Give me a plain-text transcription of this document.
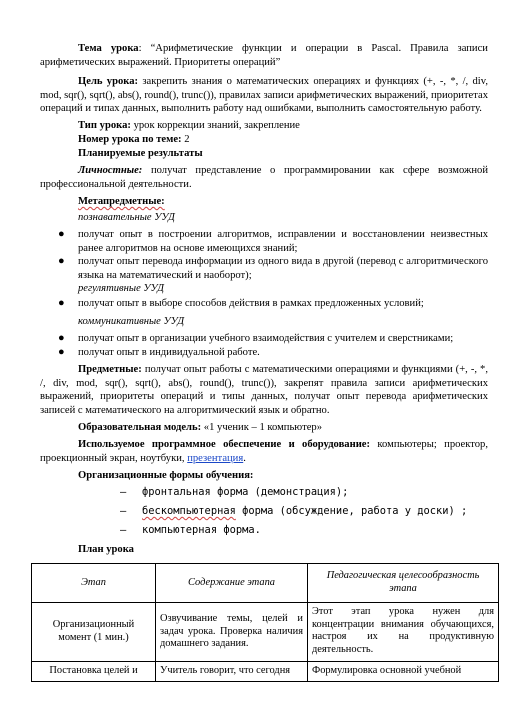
Тема урока: “Арифметические функции и операции в Pascal. Правила записи арифметических выражений. Приоритеты операций”
Цель урока: закрепить знания о математических операциях и функциях (+, -, *, /, div, mod, sqr(), sqrt(), abs(), round(), trunc()), правилах записи арифметических выражений, приоритетах операций и типах данных, выполнить работу над ошибками, выполнить самостоятельную работу.
Тип урока: урок коррекции знаний, закрепление
Номер урока по теме: 2
Планируемые результаты
Личностные: получат представление о программировании как сфере возможной профессиональной деятельности.
Метапредметные:
познавательные УУД
●	получат опыт в построении алгоритмов, исправлении и восстановлении неизвестных ранее алгоритмов на основе имеющихся знаний;
●	получат опыт перевода информации из одного вида в другой (перевод с алгоритмического языка на математический и наоборот);
регулятивные УУД
●	получат опыт в выборе способов действия в рамках предложенных условий;
коммуникативные УУД
●	получат опыт в организации учебного взаимодействия с учителем и сверстниками;
●	получат опыт в индивидуальной работе.
Предметные: получат опыт работы с математическими операциями и функциями (+, -, *, /, div, mod, sqr(), sqrt(), abs(), round(), trunc()), закрепят правила записи арифметических выражений, приоритеты операций и типы данных, получат опыт перевода арифметических записей с математического на алгоритмический язык и обратно.
Образовательная модель: «1 ученик – 1 компьютер»
Используемое программное обеспечение и оборудование: компьютеры; проектор, проекционный экран, ноутбуки, презентация.
Организационные формы обучения:
– фронтальная форма (демонстрация);
– бескомпьютерная форма (обсуждение, работа у доски) ;
– компьютерная форма.
План урока
Этап	Содержание этапа	Педагогическая целесообразность этапа
Организационный момент (1 мин.)	Озвучивание темы, целей и задач урока. Проверка наличия домашнего задания.	Этот этап урока нужен для концентрации внимания обучающихся, настроя их на продуктивную деятельность.
Постановка целей и	Учитель говорит, что сегодня	Формулировка основной учебной
